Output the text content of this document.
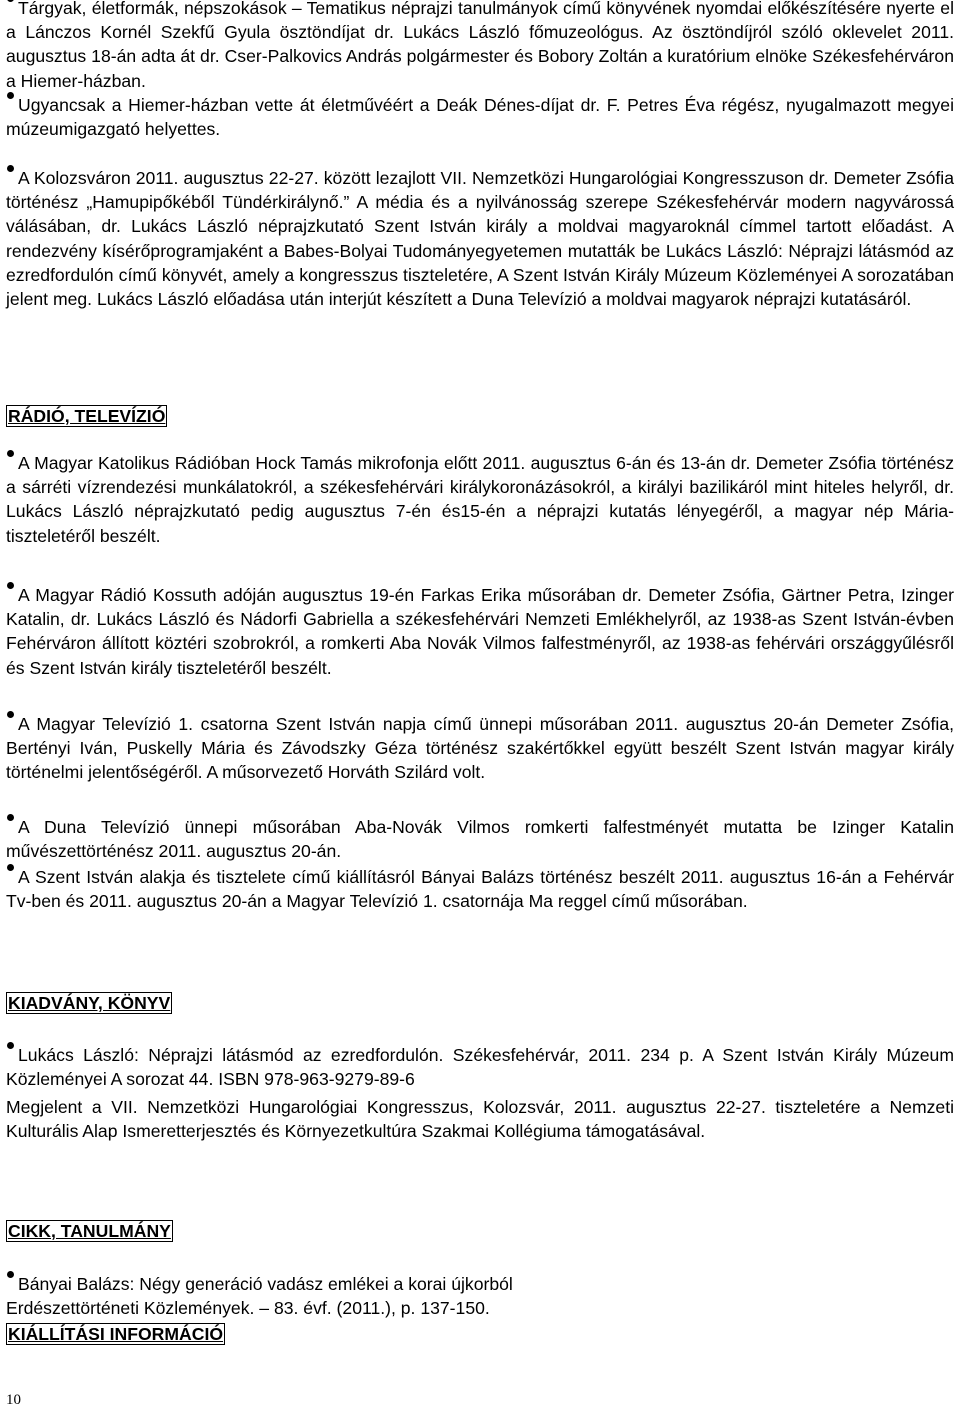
Tárgyak, életformák, népszokások – Tematikus néprajzi tanulmányok című könyvének nyomdai előkészítésére nyerte el a Lánczos Kornél Szekfű Gyula ösztöndíjat dr. Lukács László főmuzeológus. Az ösztöndíjról szóló oklevelet 2011. augusztus 18-án adta át dr. Cser-Palkovics András polgármester és Bobory Zoltán a kuratórium elnöke Székesfehérváron a Hiemer-házban.

Ugyancsak a Hiemer-házban vette át életművéért a Deák Dénes-díjat dr. F. Petres Éva régész, nyugalmazott megyei múzeumigazgató helyettes.

A Kolozsváron 2011. augusztus 22-27. között lezajlott VII. Nemzetközi Hungarológiai Kongresszuson dr. Demeter Zsófia történész „Hamupipőkéből Tündérkirálynő.” A média és a nyilvánosság szerepe Székesfehérvár modern nagyvárossá válásában, dr. Lukács László néprajzkutató Szent István király a moldvai magyaroknál címmel tartott előadást. A rendezvény kísérőprogramjaként a Babes-Bolyai Tudományegyetemen mutatták be Lukács László: Néprajzi látásmód az ezredfordulón című könyvét, amely a kongresszus tiszteletére, A Szent István Király Múzeum Közleményei A sorozatában jelent meg. Lukács László előadása után interjút készített a Duna Televízió a moldvai magyarok néprajzi kutatásáról.

RÁDIÓ, TELEVÍZIÓ

A Magyar Katolikus Rádióban Hock Tamás mikrofonja előtt 2011. augusztus 6-án és 13-án dr. Demeter Zsófia történész a sárréti vízrendezési munkálatokról, a székesfehérvári királykoronázásokról, a királyi bazilikáról mint hiteles helyről, dr. Lukács László néprajzkutató pedig augusztus 7-én és15-én a néprajzi kutatás lényegéről, a magyar nép Mária-tiszteletéről beszélt.

A Magyar Rádió Kossuth adóján augusztus 19-én Farkas Erika műsorában dr. Demeter Zsófia, Gärtner Petra, Izinger Katalin, dr. Lukács László és Nádorfi Gabriella a székesfehérvári Nemzeti Emlékhelyről, az 1938-as Szent István-évben Fehérváron állított köztéri szobrokról, a romkerti Aba Novák Vilmos falfestményről, az 1938-as fehérvári országgyűlésről és Szent István király tiszteletéről beszélt.

A Magyar Televízió 1. csatorna Szent István napja című ünnepi műsorában 2011. augusztus 20-án Demeter Zsófia, Bertényi Iván, Puskelly Mária és Závodszky Géza történész szakértőkkel együtt beszélt Szent István magyar király történelmi jelentőségéről. A műsorvezető Horváth Szilárd volt.

A Duna Televízió ünnepi műsorában Aba-Novák Vilmos romkerti falfestményét mutatta be Izinger Katalin művészettörténész 2011. augusztus 20-án.

A Szent István alakja és tisztelete című kiállításról Bányai Balázs történész beszélt 2011. augusztus 16-án a Fehérvár Tv-ben és 2011. augusztus 20-án a Magyar Televízió 1. csatornája Ma reggel című műsorában.

KIADVÁNY, KÖNYV

Lukács László: Néprajzi látásmód az ezredfordulón. Székesfehérvár, 2011. 234 p. A Szent István Király Múzeum Közleményei A sorozat 44. ISBN 978-963-9279-89-6

Megjelent a VII. Nemzetközi Hungarológiai Kongresszus, Kolozsvár, 2011. augusztus 22-27. tiszteletére a Nemzeti Kulturális Alap Ismeretterjesztés és Környezetkultúra Szakmai Kollégiuma támogatásával.

CIKK, TANULMÁNY

Bányai Balázs: Négy generáció vadász emlékei a korai újkorból

Erdészettörténeti Közlemények. – 83. évf. (2011.), p. 137-150.

KIÁLLÍTÁSI INFORMÁCIÓ
10
